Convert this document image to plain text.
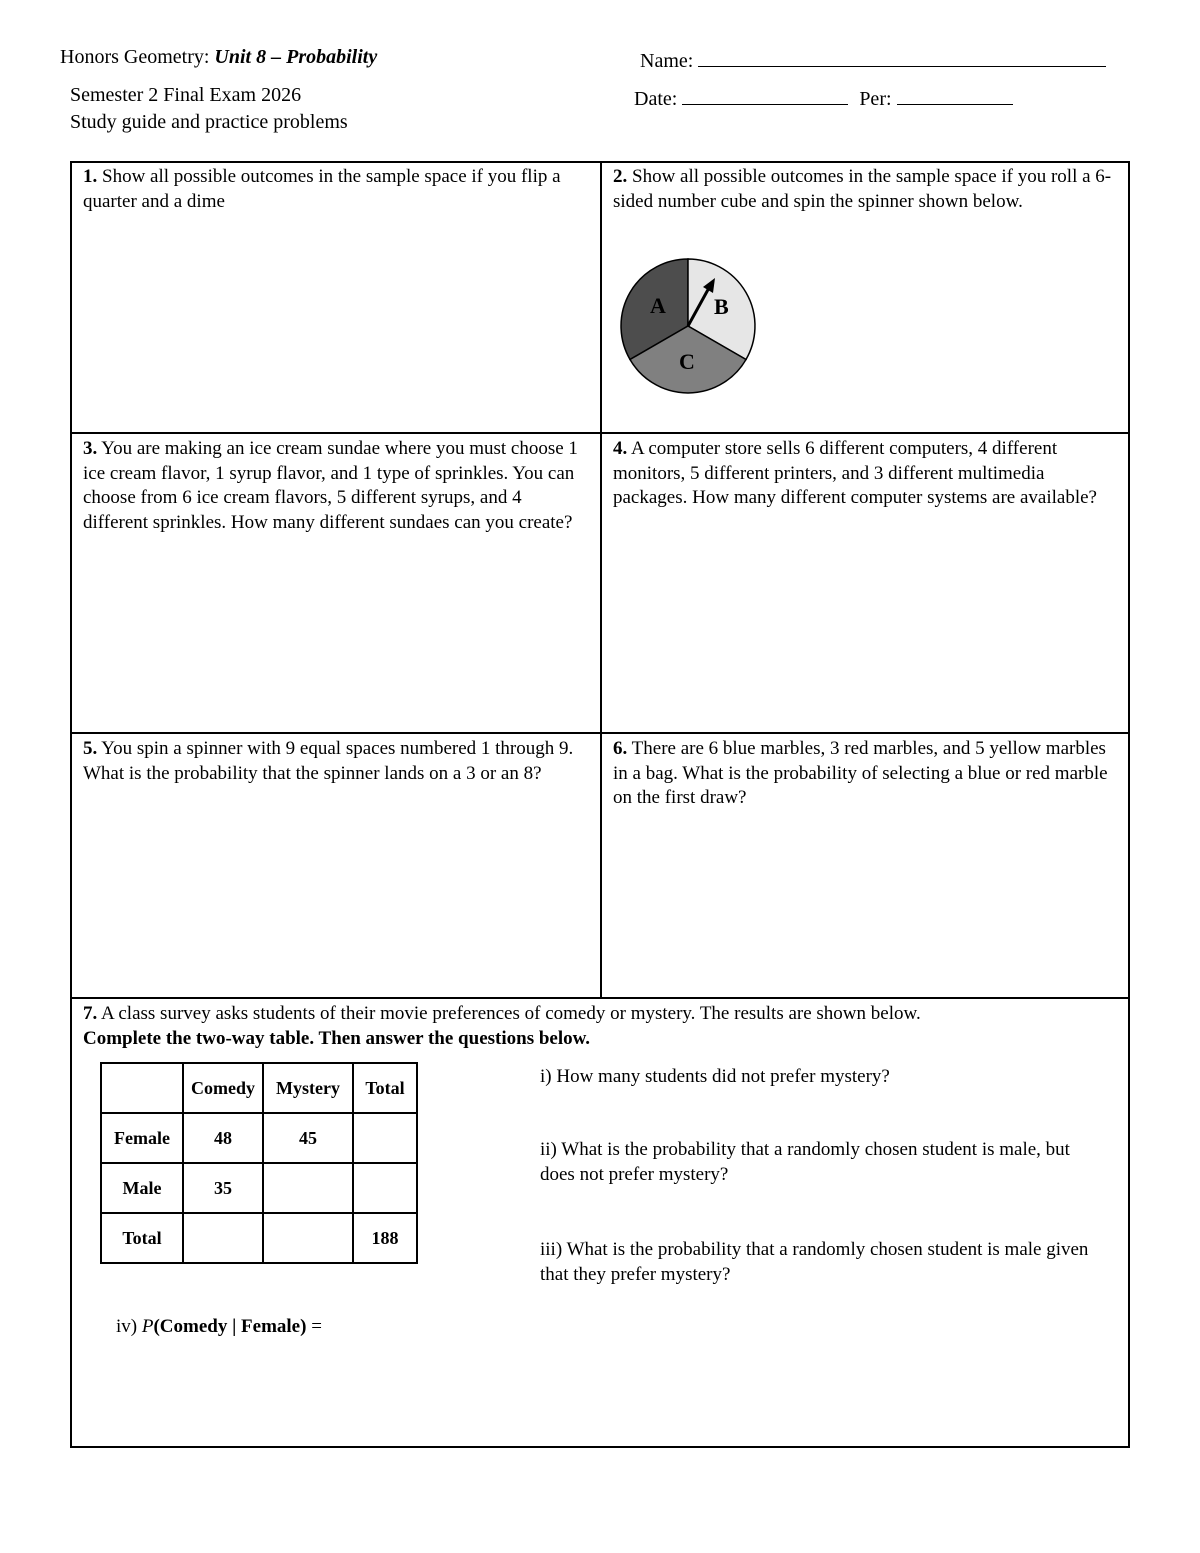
Honors Geometry: Unit 8 – Probability	Name:
Semester 2 Final Exam 2026	Date:	Per:
Study guide and practice problems
1. Show all possible outcomes in the sample space if you flip a quarter and a dime
2. Show all possible outcomes in the sample space if you roll a 6-sided number cube and spin the spinner shown below.
3. You are making an ice cream sundae where you must choose 1 ice cream flavor, 1 syrup flavor, and 1 type of sprinkles. You can choose from 6 ice cream flavors, 5 different syrups, and 4 different sprinkles. How many different sundaes can you create?
4. A computer store sells 6 different computers, 4 different monitors, 5 different printers, and 3 different multimedia packages. How many different computer systems are available?
5. You spin a spinner with 9 equal spaces numbered 1 through 9. What is the probability that the spinner lands on a 3 or an 8?
6. There are 6 blue marbles, 3 red marbles, and 5 yellow marbles in a bag. What is the probability of selecting a blue or red marble on the first draw?
7. A class survey asks students of their movie preferences of comedy or mystery. The results are shown below.
Complete the two-way table. Then answer the questions below.
A B
C
	Comedy	Mystery	Total
Female	48	45	
Male	35		
Total			188
i) How many students did not prefer mystery?
ii) What is the probability that a randomly chosen student is male, but does not prefer mystery?
iii) What is the probability that a randomly chosen student is male given that they prefer mystery?
iv) P(Comedy | Female) =
